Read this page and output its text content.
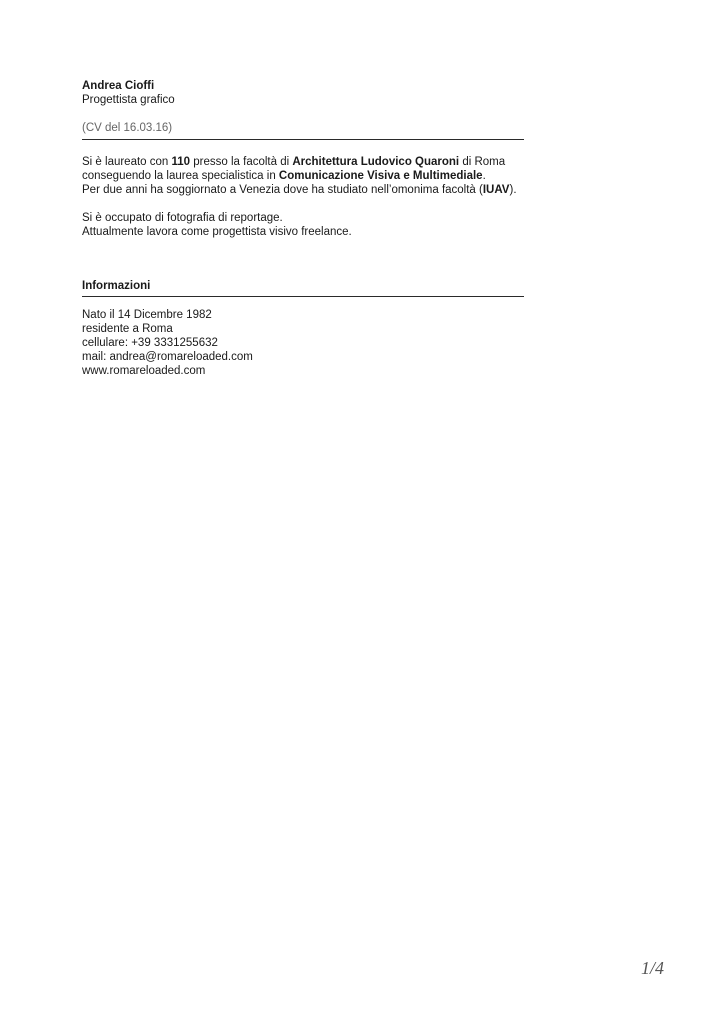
Andrea Cioffi

Progettista grafico

(CV del 16.03.16)

Si è laureato con 110 presso la facoltà di Architettura Ludovico Quaroni di Roma

conseguendo la laurea specialistica in Comunicazione Visiva e Multimediale.

Per due anni ha soggiornato a Venezia dove ha studiato nell’omonima facoltà (IUAV).

Si è occupato di fotografia di reportage.

Attualmente lavora come progettista visivo freelance.

Informazioni

Nato il 14 Dicembre 1982

residente a Roma

cellulare: +39 3331255632

mail: andrea@romareloaded.com

www.romareloaded.com

1/4
